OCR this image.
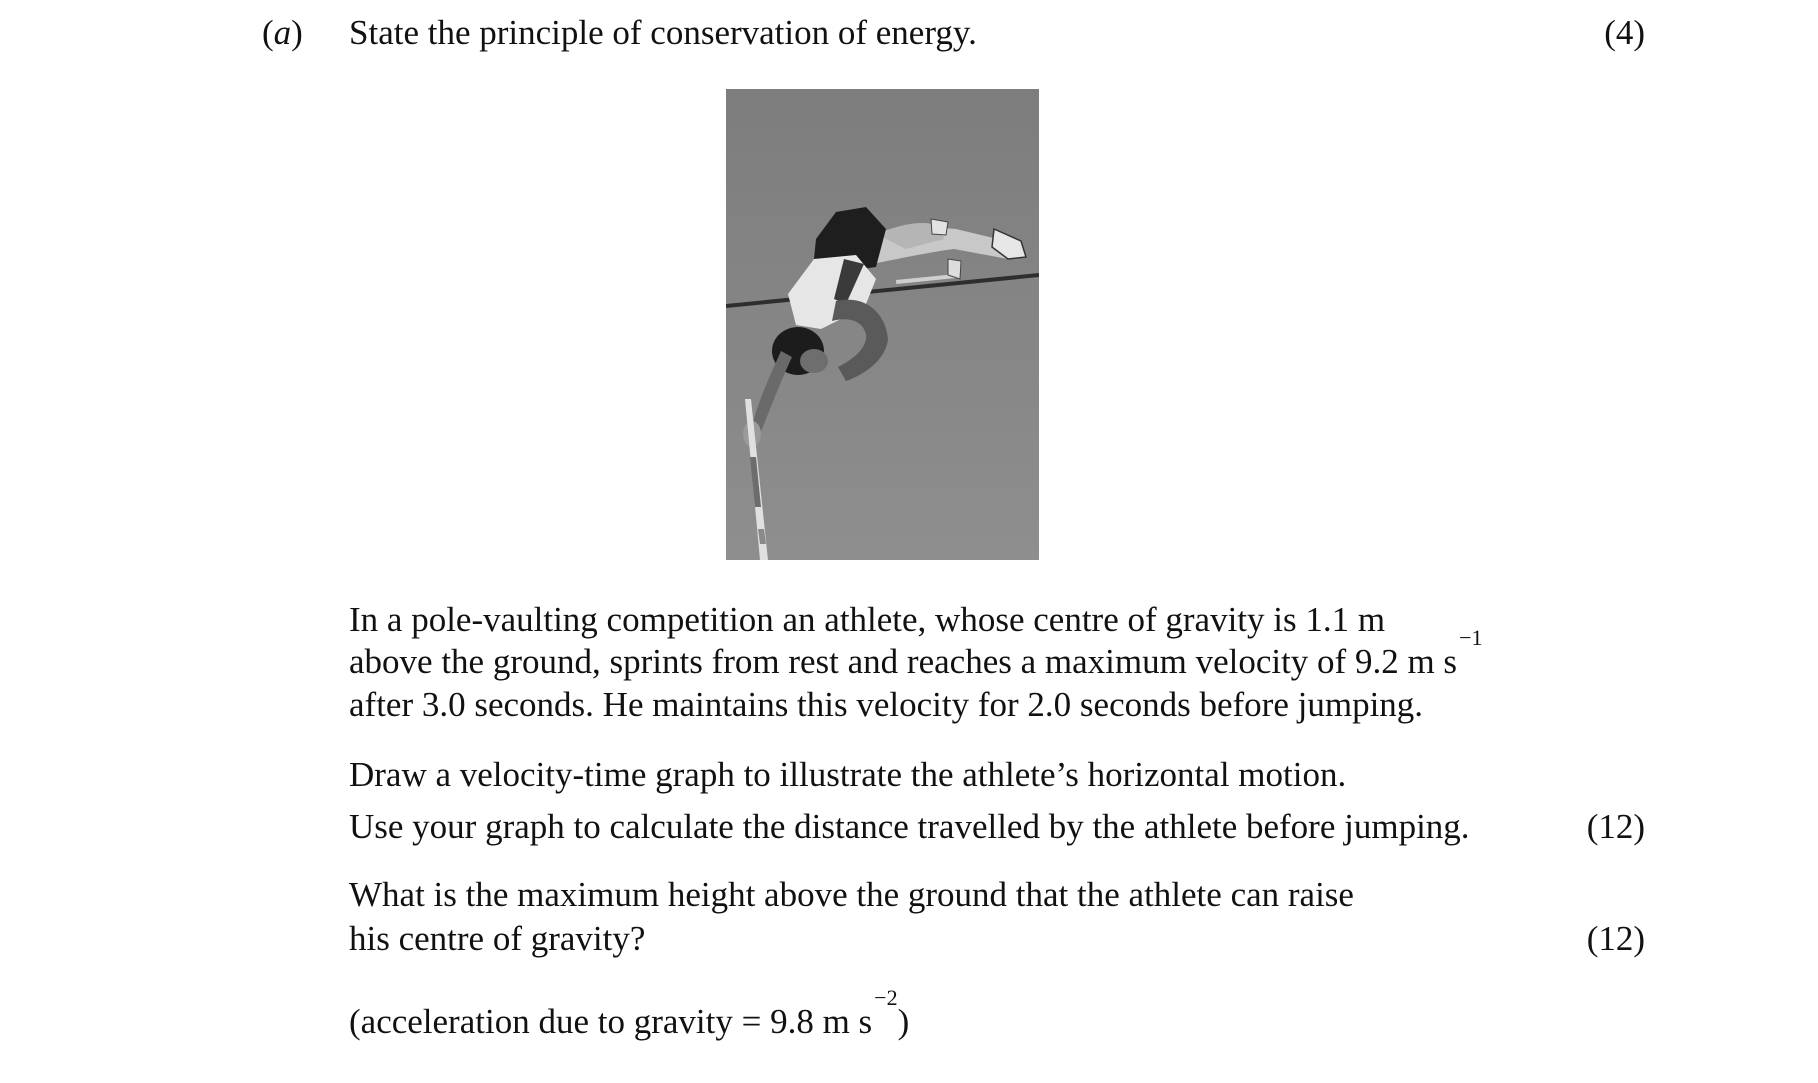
(a) State the principle of conservation of energy.	(4)
In a pole-vaulting competition an athlete, whose centre of gravity is 1.1 m
above the ground, sprints from rest and reaches a maximum velocity of 9.2 m $s^{-1}$
after 3.0 seconds. He maintains this velocity for 2.0 seconds before jumping.
Draw a velocity-time graph to illustrate the athlete’s horizontal motion.
Use your graph to calculate the distance travelled by the athlete before jumping.	(12)
What is the maximum height above the ground that the athlete can raise
his centre of gravity?	(12)
(acceleration due to gravity = 9.8 m $s^{-2}$)
